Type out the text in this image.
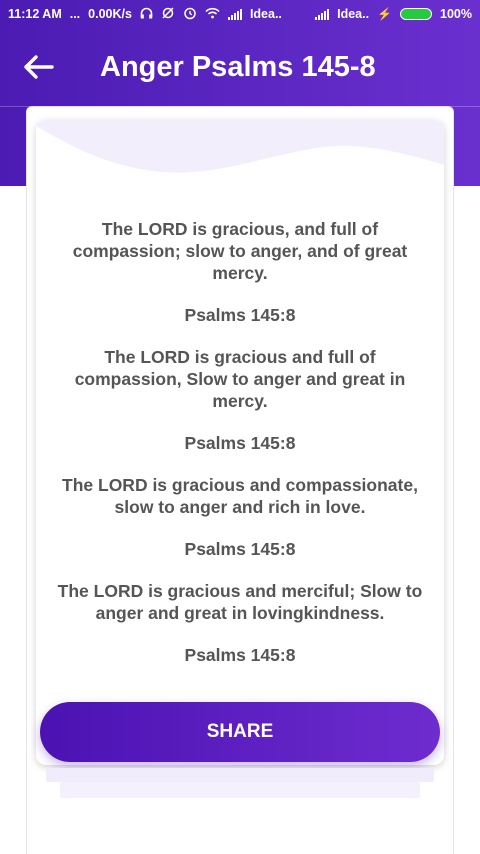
11:12 AM ... 0.00K/s	Idea..	Idea.. ⚡	100%
Anger Psalms 145-8
The LORD is gracious, and full of compassion; slow to anger, and of great mercy.
Psalms 145:8
The LORD is gracious and full of compassion, Slow to anger and great in mercy.
Psalms 145:8
The LORD is gracious and compassionate, slow to anger and rich in love.
Psalms 145:8
The LORD is gracious and merciful; Slow to anger and great in lovingkindness.
Psalms 145:8
SHARE
